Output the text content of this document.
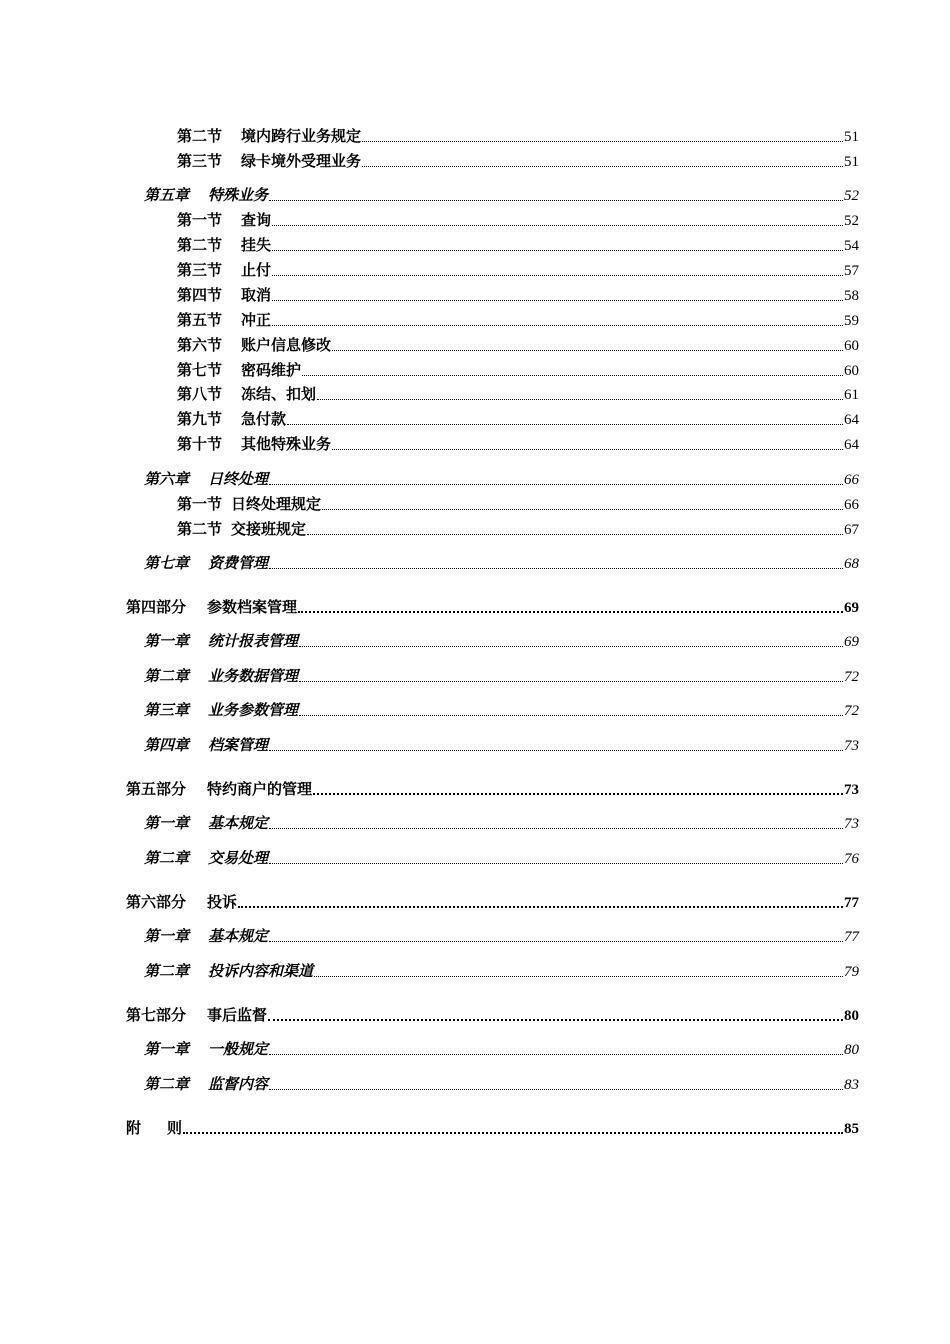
第二节 境内跨行业务规定	51
第三节 绿卡境外受理业务	51
第五章 特殊业务	52
第一节 查询	52
第二节 挂失	54
第三节 止付	57
第四节 取消	58
第五节 冲正	59
第六节 账户信息修改	60
第七节 密码维护	60
第八节 冻结、扣划	61
第九节 急付款	64
第十节 其他特殊业务	64
第六章 日终处理	66
第一节 日终处理规定	66
第二节 交接班规定	67
第七章 资费管理	68
第四部分 参数档案管理	69
第一章 统计报表管理	69
第二章 业务数据管理	72
第三章 业务参数管理	72
第四章 档案管理	73
第五部分 特约商户的管理	73
第一章 基本规定	73
第二章 交易处理	76
第六部分 投诉	77
第一章 基本规定	77
第二章 投诉内容和渠道	79
第七部分 事后监督	80
第一章 一般规定	80
第二章 监督内容	83
附 则	85
